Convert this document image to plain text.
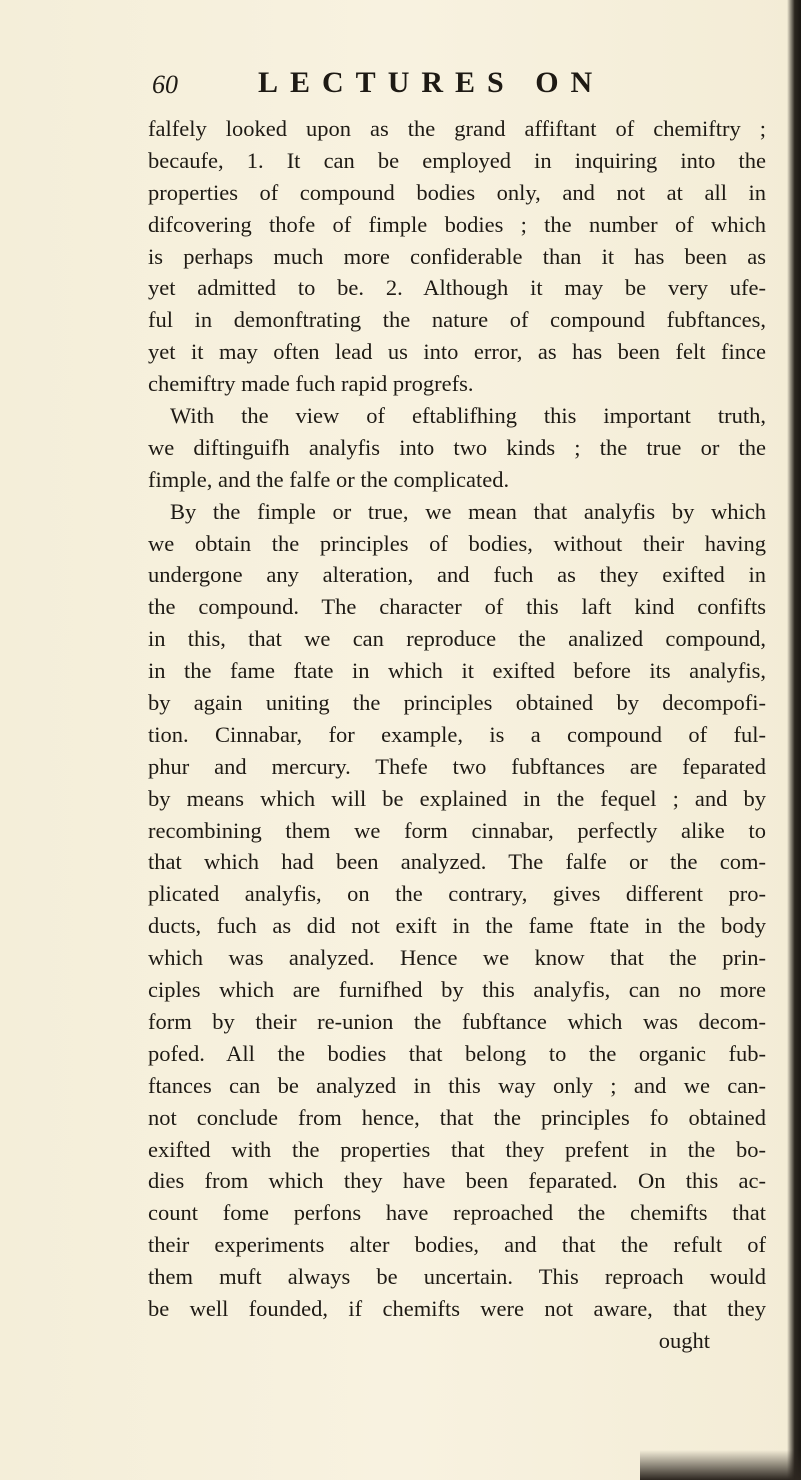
60	LECTURES ON
falfely looked upon as the grand affiftant of chemiftry ;
becaufe, 1. It can be employed in inquiring into the
properties of compound bodies only, and not at all in
difcovering thofe of fimple bodies ; the number of which
is perhaps much more confiderable than it has been as
yet admitted to be. 2. Although it may be very ufe-
ful in demonftrating the nature of compound fubftances,
yet it may often lead us into error, as has been felt fince
chemiftry made fuch rapid progrefs.
With the view of eftablifhing this important truth,
we diftinguifh analyfis into two kinds ; the true or the
fimple, and the falfe or the complicated.
By the fimple or true, we mean that analyfis by which
we obtain the principles of bodies, without their having
undergone any alteration, and fuch as they exifted in
the compound. The character of this laft kind confifts
in this, that we can reproduce the analized compound,
in the fame ftate in which it exifted before its analyfis,
by again uniting the principles obtained by decompofi-
tion. Cinnabar, for example, is a compound of ful-
phur and mercury. Thefe two fubftances are feparated
by means which will be explained in the fequel ; and by
recombining them we form cinnabar, perfectly alike to
that which had been analyzed. The falfe or the com-
plicated analyfis, on the contrary, gives different pro-
ducts, fuch as did not exift in the fame ftate in the body
which was analyzed. Hence we know that the prin-
ciples which are furnifhed by this analyfis, can no more
form by their re-union the fubftance which was decom-
pofed. All the bodies that belong to the organic fub-
ftances can be analyzed in this way only ; and we can-
not conclude from hence, that the principles fo obtained
exifted with the properties that they prefent in the bo-
dies from which they have been feparated. On this ac-
count fome perfons have reproached the chemifts that
their experiments alter bodies, and that the refult of
them muft always be uncertain. This reproach would
be well founded, if chemifts were not aware, that they
ought
